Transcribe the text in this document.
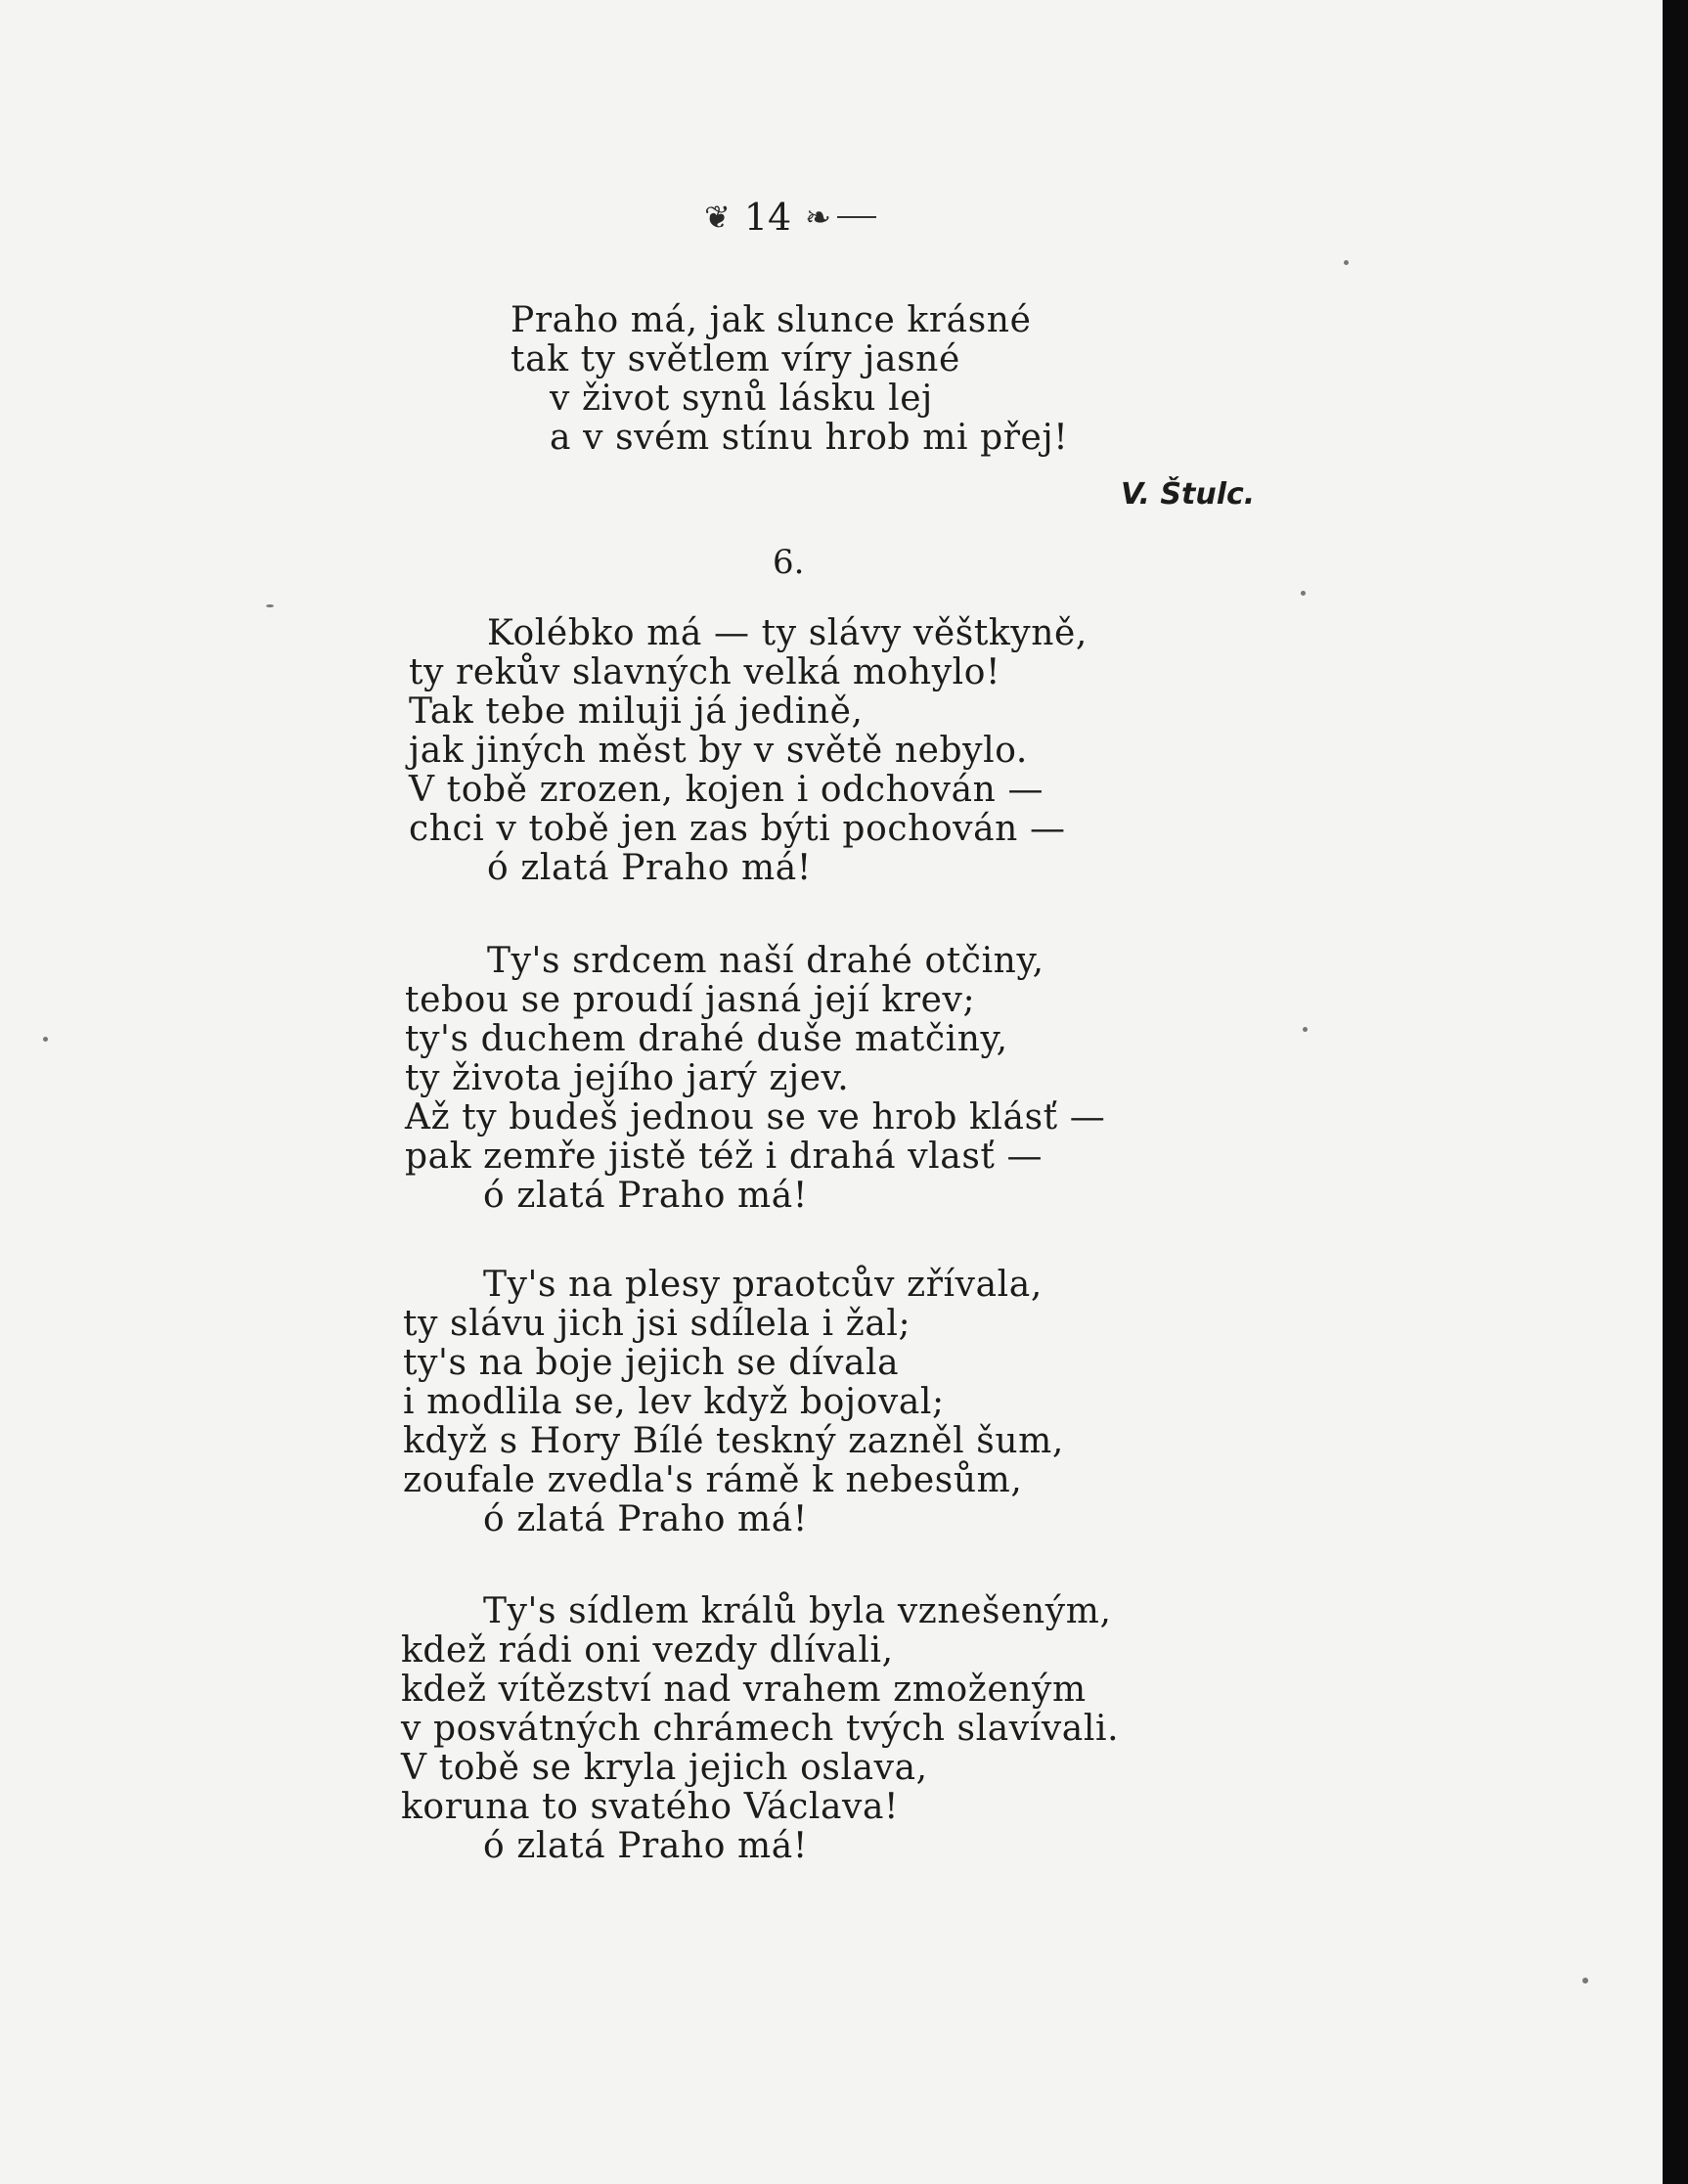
❦ 14 ❧
Praho má, jak slunce krásné
tak ty světlem víry jasné
v život synů lásku lej
a v svém stínu hrob mi přej!
V. Štulc.
6.
Kolébko má — ty slávy věštkyně,
ty rekův slavných velká mohylo!
Tak tebe miluji já jedině,
jak jiných měst by v světě nebylo.
V tobě zrozen, kojen i odchován —
chci v tobě jen zas býti pochován —
ó zlatá Praho má!
Ty's srdcem naší drahé otčiny,
tebou se proudí jasná její krev;
ty's duchem drahé duše matčiny,
ty života jejího jarý zjev.
Až ty budeš jednou se ve hrob klásť —
pak zemře jistě též i drahá vlasť —
ó zlatá Praho má!
Ty's na plesy praotcův zřívala,
ty slávu jich jsi sdílela i žal;
ty's na boje jejich se dívala
i modlila se, lev když bojoval;
když s Hory Bílé teskný zazněl šum,
zoufale zvedla's rámě k nebesům,
ó zlatá Praho má!
Ty's sídlem králů byla vznešeným,
kdež rádi oni vezdy dlívali,
kdež vítězství nad vrahem zmoženým
v posvátných chrámech tvých slavívali.
V tobě se kryla jejich oslava,
koruna to svatého Václava!
ó zlatá Praho má!
